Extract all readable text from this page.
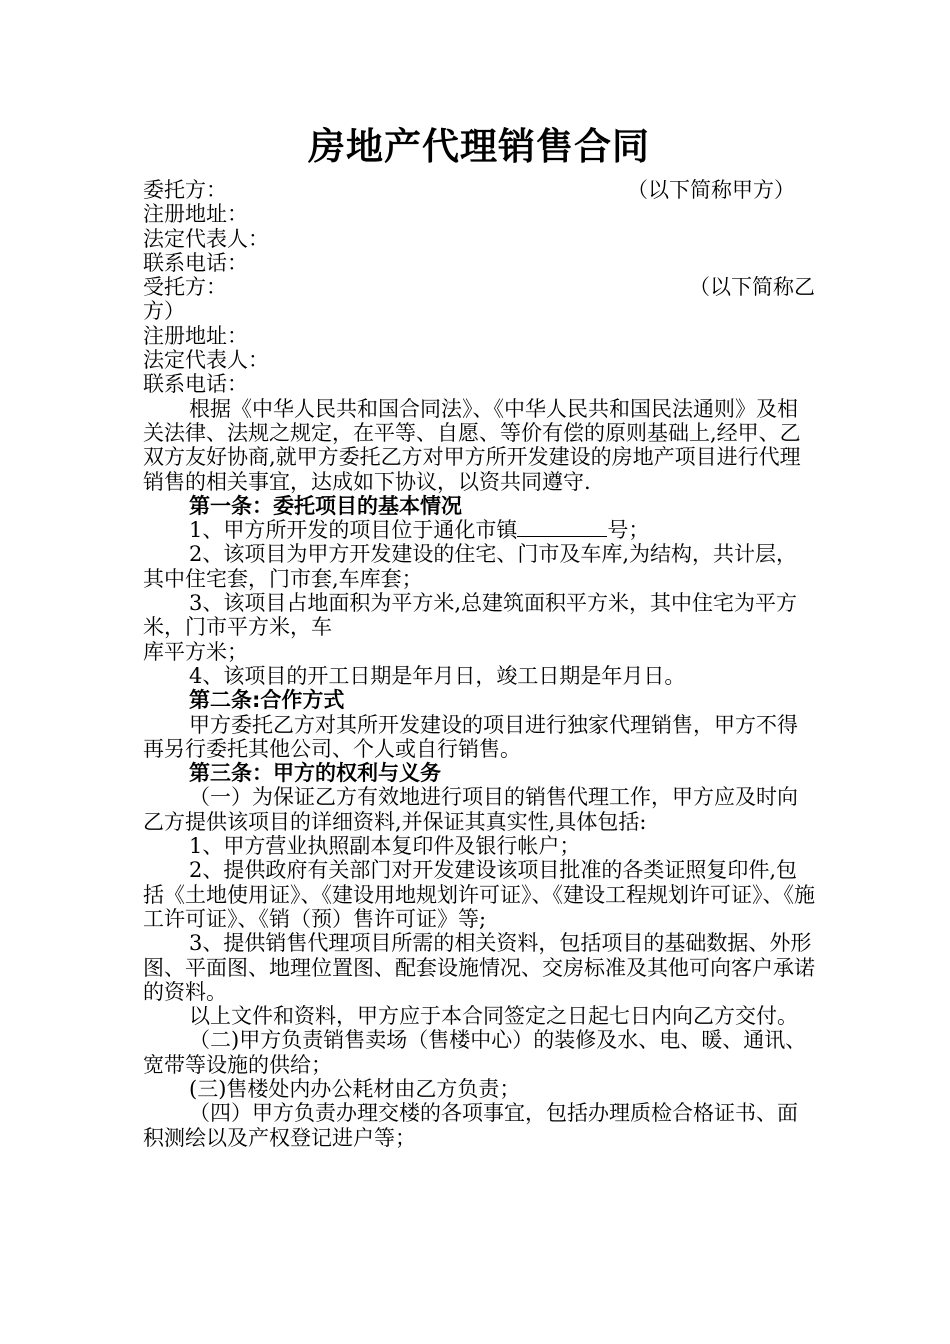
房地产代理销售合同
委托方：	（以下简称甲方）
注册地址：
法定代表人：
联系电话：
受托方：	（以下简称乙
方）
注册地址：
法定代表人：
联系电话：
根据《中华人民共和国合同法》、《中华人民共和国民法通则》及相关法律、法规之规定，在平等、自愿、等价有偿的原则基础上,经甲、乙双方友好协商,就甲方委托乙方对甲方所开发建设的房地产项目进行代理销售的相关事宜，达成如下协议，以资共同遵守.
第一条：委托项目的基本情况
1、甲方所开发的项目位于通化市镇	号；
2、该项目为甲方开发建设的住宅、门市及车库,为结构，共计层，其中住宅套，门市套,车库套；
3、该项目占地面积为平方米,总建筑面积平方米，其中住宅为平方米，门市平方米，车
库平方米；
4、该项目的开工日期是年月日，竣工日期是年月日。
第二条:合作方式
甲方委托乙方对其所开发建设的项目进行独家代理销售，甲方不得再另行委托其他公司、个人或自行销售。
第三条：甲方的权利与义务
（一）为保证乙方有效地进行项目的销售代理工作，甲方应及时向乙方提供该项目的详细资料,并保证其真实性,具体包括:
1、甲方营业执照副本复印件及银行帐户；
2、提供政府有关部门对开发建设该项目批准的各类证照复印件,包括《土地使用证》、《建设用地规划许可证》、《建设工程规划许可证》、《施工许可证》、《销（预）售许可证》等;
3、提供销售代理项目所需的相关资料，包括项目的基础数据、外形图、平面图、地理位置图、配套设施情况、交房标准及其他可向客户承诺的资料。
以上文件和资料，甲方应于本合同签定之日起七日内向乙方交付。
（二)甲方负责销售卖场（售楼中心）的装修及水、电、暖、通讯、宽带等设施的供给；
(三)售楼处内办公耗材由乙方负责；
（四）甲方负责办理交楼的各项事宜，包括办理质检合格证书、面积测绘以及产权登记进户等；
